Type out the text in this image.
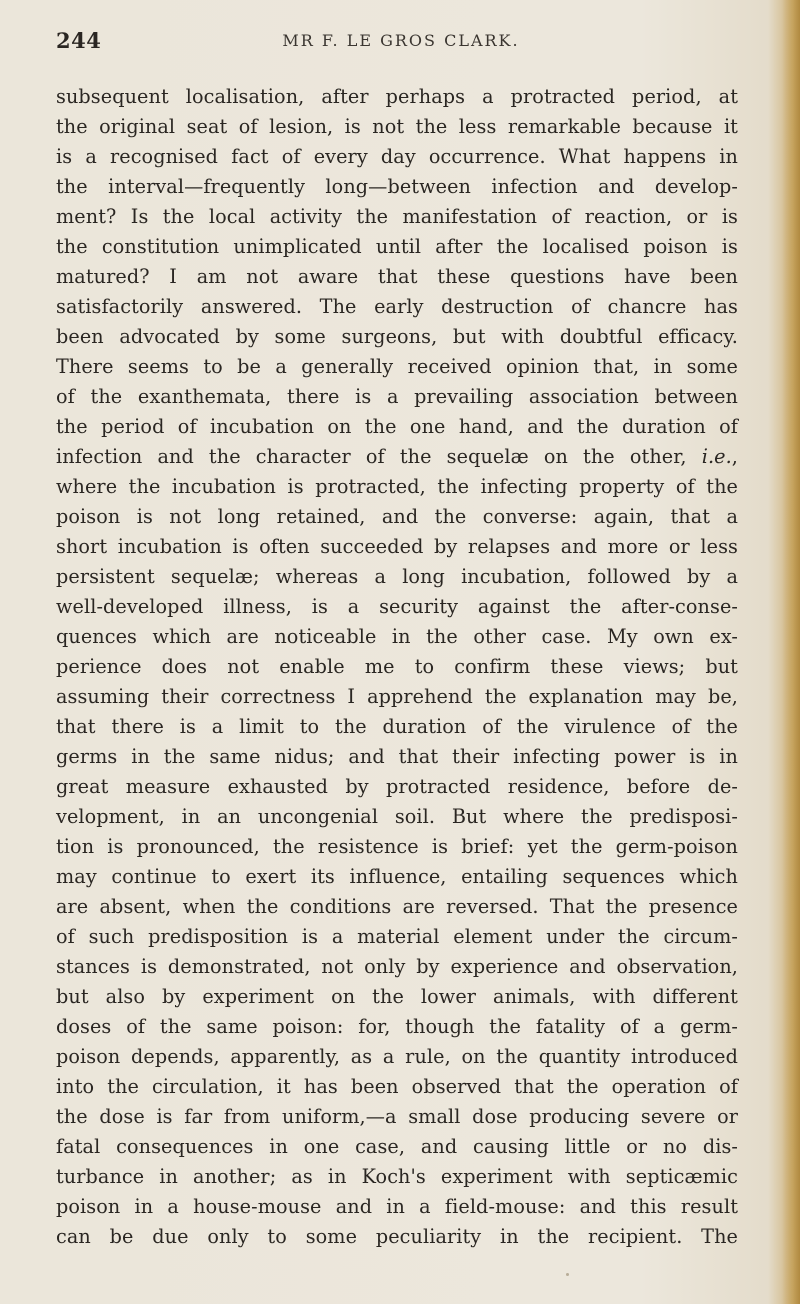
244	MR F. LE GROS CLARK.
subsequent localisation, after perhaps a protracted period, at
the original seat of lesion, is not the less remarkable because it
is a recognised fact of every day occurrence. What happens in
the interval—frequently long—between infection and develop-
ment? Is the local activity the manifestation of reaction, or is
the constitution unimplicated until after the localised poison is
matured? I am not aware that these questions have been
satisfactorily answered. The early destruction of chancre has
been advocated by some surgeons, but with doubtful efficacy.
There seems to be a generally received opinion that, in some
of the exanthemata, there is a prevailing association between
the period of incubation on the one hand, and the duration of
infection and the character of the sequelæ on the other, i.e.,
where the incubation is protracted, the infecting property of the
poison is not long retained, and the converse: again, that a
short incubation is often succeeded by relapses and more or less
persistent sequelæ; whereas a long incubation, followed by a
well-developed illness, is a security against the after-conse-
quences which are noticeable in the other case. My own ex-
perience does not enable me to confirm these views; but
assuming their correctness I apprehend the explanation may be,
that there is a limit to the duration of the virulence of the
germs in the same nidus; and that their infecting power is in
great measure exhausted by protracted residence, before de-
velopment, in an uncongenial soil. But where the predisposi-
tion is pronounced, the resistence is brief: yet the germ-poison
may continue to exert its influence, entailing sequences which
are absent, when the conditions are reversed. That the presence
of such predisposition is a material element under the circum-
stances is demonstrated, not only by experience and observation,
but also by experiment on the lower animals, with different
doses of the same poison: for, though the fatality of a germ-
poison depends, apparently, as a rule, on the quantity introduced
into the circulation, it has been observed that the operation of
the dose is far from uniform,—a small dose producing severe or
fatal consequences in one case, and causing little or no dis-
turbance in another; as in Koch's experiment with septicæmic
poison in a house-mouse and in a field-mouse: and this result
can be due only to some peculiarity in the recipient. The
